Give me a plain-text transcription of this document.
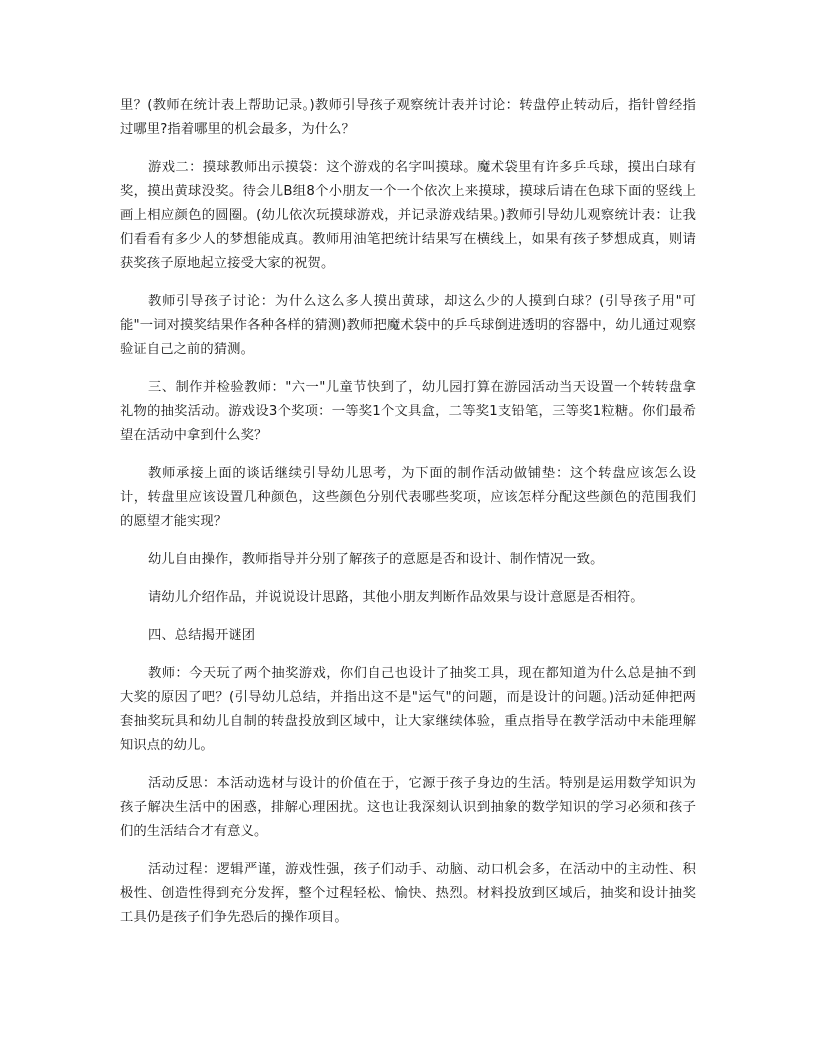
里？(教师在统计表上帮助记录。)教师引导孩子观察统计表并讨论：转盘停止转动后，指针曾经指过哪里?指着哪里的机会最多，为什么？

游戏二：摸球教师出示摸袋：这个游戏的名字叫摸球。魔术袋里有许多乒乓球，摸出白球有奖，摸出黄球没奖。待会儿B组8个小朋友一个一个依次上来摸球，摸球后请在色球下面的竖线上画上相应颜色的圆圈。(幼儿依次玩摸球游戏，并记录游戏结果。)教师引导幼儿观察统计表：让我们看看有多少人的梦想能成真。教师用油笔把统计结果写在横线上，如果有孩子梦想成真，则请获奖孩子原地起立接受大家的祝贺。

教师引导孩子讨论：为什么这么多人摸出黄球，却这么少的人摸到白球？(引导孩子用"可能"一词对摸奖结果作各种各样的猜测)教师把魔术袋中的乒乓球倒进透明的容器中，幼儿通过观察验证自己之前的猜测。

三、制作并检验教师："六一"儿童节快到了，幼儿园打算在游园活动当天设置一个转转盘拿礼物的抽奖活动。游戏设3个奖项：一等奖1个文具盒，二等奖1支铅笔，三等奖1粒糖。你们最希望在活动中拿到什么奖？

教师承接上面的谈话继续引导幼儿思考，为下面的制作活动做铺垫：这个转盘应该怎么设计，转盘里应该设置几种颜色，这些颜色分别代表哪些奖项，应该怎样分配这些颜色的范围我们的愿望才能实现？

幼儿自由操作，教师指导并分别了解孩子的意愿是否和设计、制作情况一致。

请幼儿介绍作品，并说说设计思路，其他小朋友判断作品效果与设计意愿是否相符。

四、总结揭开谜团

教师：今天玩了两个抽奖游戏，你们自己也设计了抽奖工具，现在都知道为什么总是抽不到大奖的原因了吧？(引导幼儿总结，并指出这不是"运气"的问题，而是设计的问题。)活动延伸把两套抽奖玩具和幼儿自制的转盘投放到区域中，让大家继续体验，重点指导在教学活动中未能理解知识点的幼儿。

活动反思：本活动选材与设计的价值在于，它源于孩子身边的生活。特别是运用数学知识为孩子解决生活中的困惑，排解心理困扰。这也让我深刻认识到抽象的数学知识的学习必须和孩子们的生活结合才有意义。

活动过程：逻辑严谨，游戏性强，孩子们动手、动脑、动口机会多，在活动中的主动性、积极性、创造性得到充分发挥，整个过程轻松、愉快、热烈。材料投放到区域后，抽奖和设计抽奖工具仍是孩子们争先恐后的操作项目。
